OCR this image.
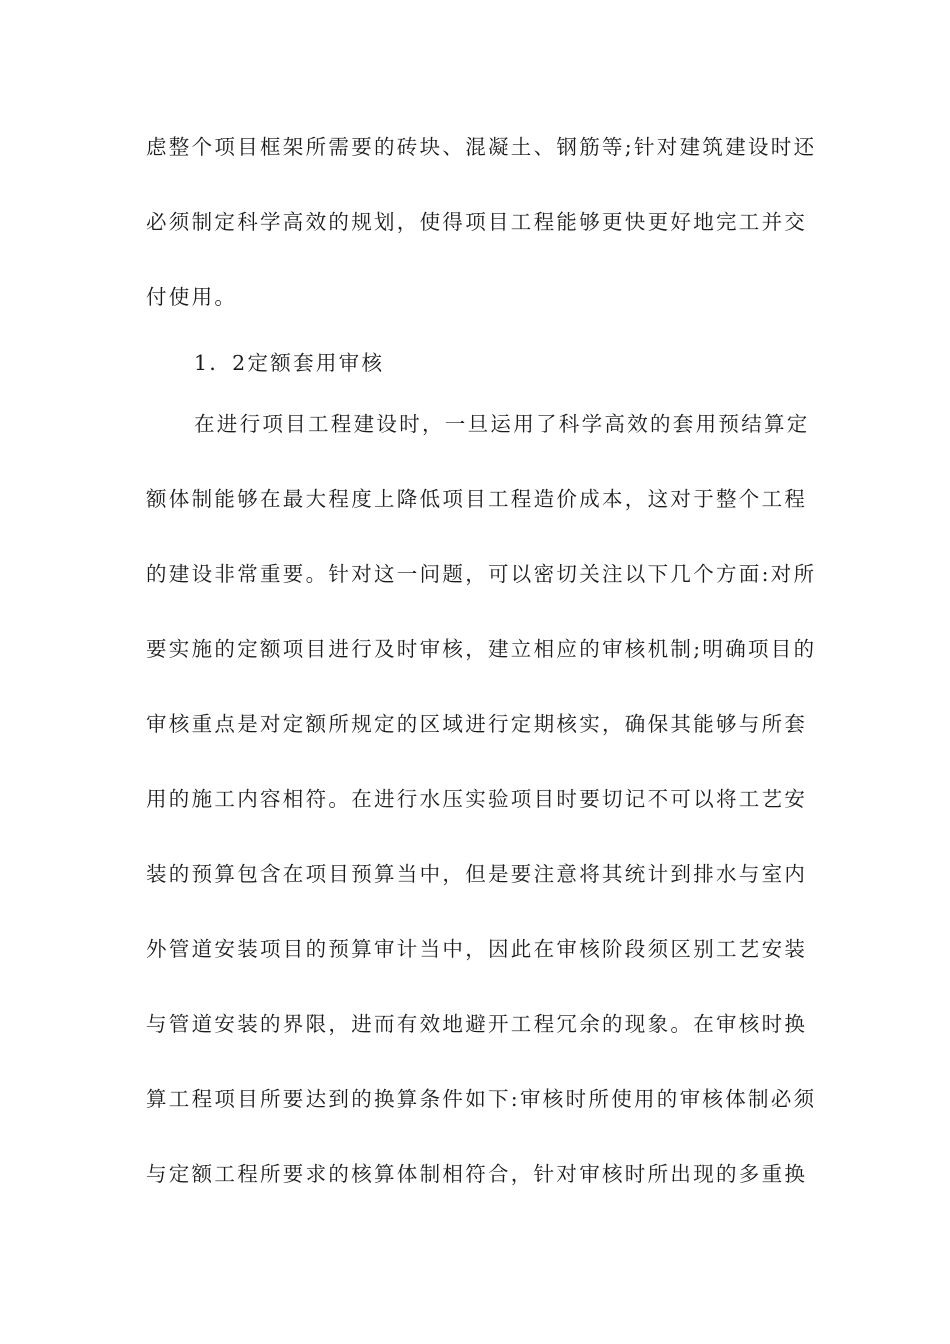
虑整个项目框架所需要的砖块、混凝土、钢筋等;针对建筑建设时还
必须制定科学高效的规划，使得项目工程能够更快更好地完工并交
付使用。
1．2定额套用审核
在进行项目工程建设时，一旦运用了科学高效的套用预结算定
额体制能够在最大程度上降低项目工程造价成本，这对于整个工程
的建设非常重要。针对这一问题，可以密切关注以下几个方面:对所
要实施的定额项目进行及时审核，建立相应的审核机制;明确项目的
审核重点是对定额所规定的区域进行定期核实，确保其能够与所套
用的施工内容相符。在进行水压实验项目时要切记不可以将工艺安
装的预算包含在项目预算当中，但是要注意将其统计到排水与室内
外管道安装项目的预算审计当中，因此在审核阶段须区别工艺安装
与管道安装的界限，进而有效地避开工程冗余的现象。在审核时换
算工程项目所要达到的换算条件如下:审核时所使用的审核体制必须
与定额工程所要求的核算体制相符合，针对审核时所出现的多重换
